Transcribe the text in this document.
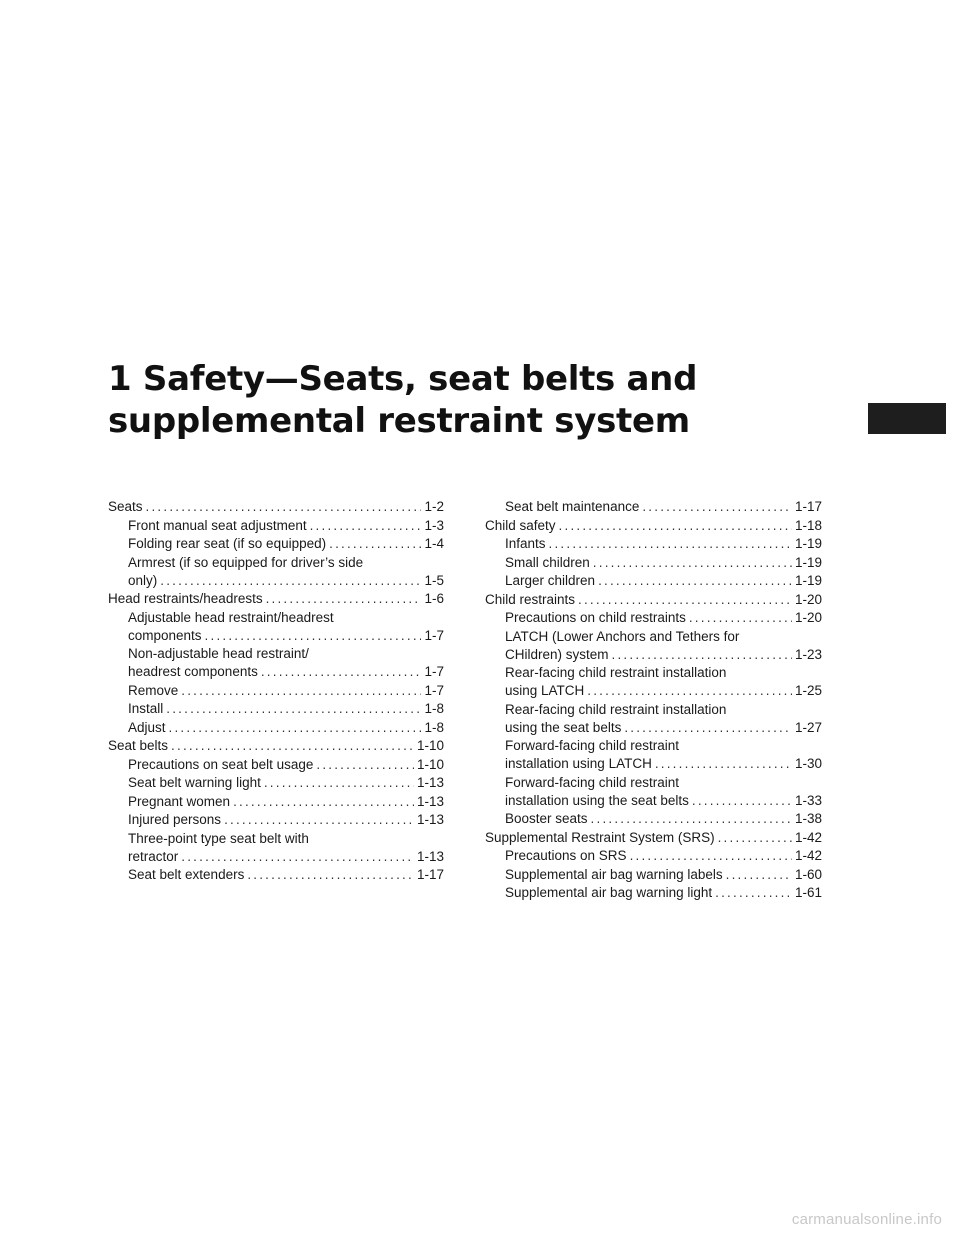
1 Safety—Seats, seat belts and
supplemental restraint system
Seats .....	1-2
Front manual seat adjustment .....	1-3
Folding rear seat (if so equipped) .....	1-4
Armrest (if so equipped for driver’s side
only) .....	1-5
Head restraints/headrests .....	1-6
Adjustable head restraint/headrest
components .....	1-7
Non-adjustable head restraint/
headrest components .....	1-7
Remove .....	1-7
Install .....	1-8
Adjust .....	1-8
Seat belts .....	1-10
Precautions on seat belt usage .....	1-10
Seat belt warning light .....	1-13
Pregnant women .....	1-13
Injured persons .....	1-13
Three-point type seat belt with
retractor .....	1-13
Seat belt extenders .....	1-17
Seat belt maintenance .....	1-17
Child safety .....	1-18
Infants .....	1-19
Small children .....	1-19
Larger children .....	1-19
Child restraints .....	1-20
Precautions on child restraints .....	1-20
LATCH (Lower Anchors and Tethers for
CHildren) system .....	1-23
Rear-facing child restraint installation
using LATCH .....	1-25
Rear-facing child restraint installation
using the seat belts .....	1-27
Forward-facing child restraint
installation using LATCH .....	1-30
Forward-facing child restraint
installation using the seat belts .....	1-33
Booster seats .....	1-38
Supplemental Restraint System (SRS) .....	1-42
Precautions on SRS .....	1-42
Supplemental air bag warning labels .....	1-60
Supplemental air bag warning light .....	1-61
carmanualsonline.info
